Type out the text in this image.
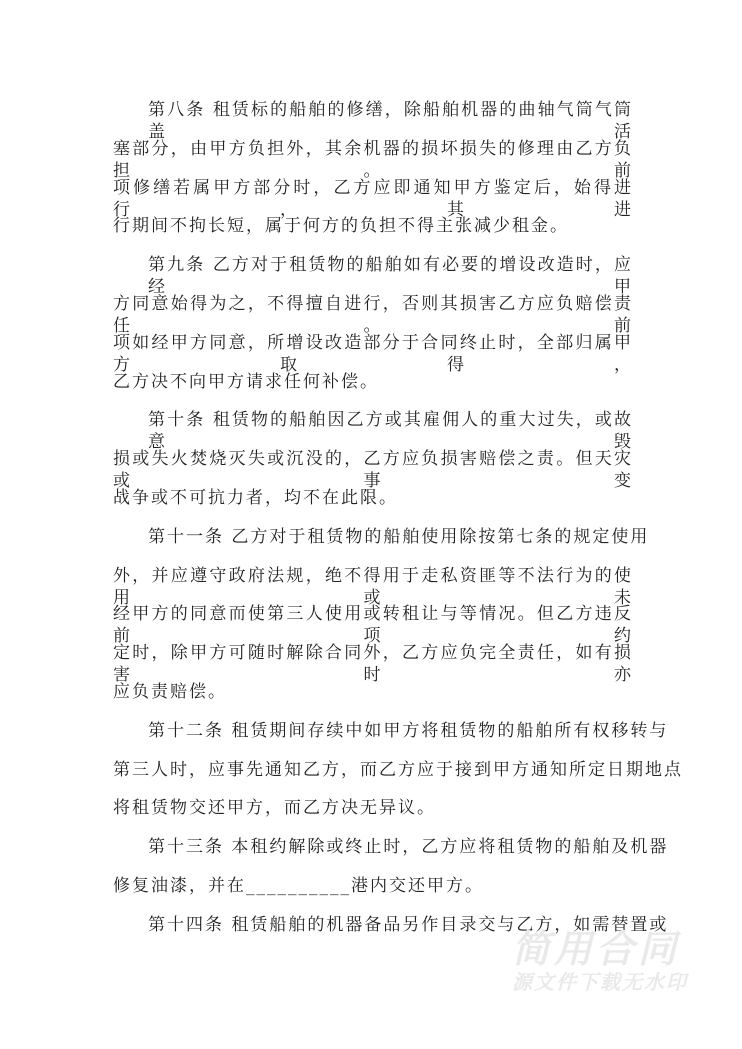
第八条 租赁标的船舶的修缮，除船舶机器的曲轴气筒气筒盖活
塞部分，由甲方负担外，其余机器的损坏损失的修理由乙方负担。前
项修缮若属甲方部分时，乙方应即通知甲方鉴定后，始得进行，其进
行期间不拘长短，属于何方的负担不得主张减少租金。
第九条 乙方对于租赁物的船舶如有必要的增设改造时，应经甲
方同意始得为之，不得擅自进行，否则其损害乙方应负赔偿责任。前
项如经甲方同意，所增设改造部分于合同终止时，全部归属甲方取得，
乙方决不向甲方请求任何补偿。
第十条 租赁物的船舶因乙方或其雇佣人的重大过失，或故意毁
损或失火焚烧灭失或沉没的，乙方应负损害赔偿之责。但天灾或事变
战争或不可抗力者，均不在此限。
第十一条 乙方对于租赁物的船舶使用除按第七条的规定使用
外，并应遵守政府法规，绝不得用于走私资匪等不法行为的使用或未
经甲方的同意而使第三人使用或转租让与等情况。但乙方违反前项约
定时，除甲方可随时解除合同外，乙方应负完全责任，如有损害时亦
应负责赔偿。
第十二条 租赁期间存续中如甲方将租赁物的船舶所有权移转与
第三人时，应事先通知乙方，而乙方应于接到甲方通知所定日期地点
将租赁物交还甲方，而乙方决无异议。
第十三条 本租约解除或终止时，乙方应将租赁物的船舶及机器
修复油漆，并在__________港内交还甲方。
第十四条 租赁船舶的机器备品另作目录交与乙方，如需替置或
简用合同
源文件下载无水印
